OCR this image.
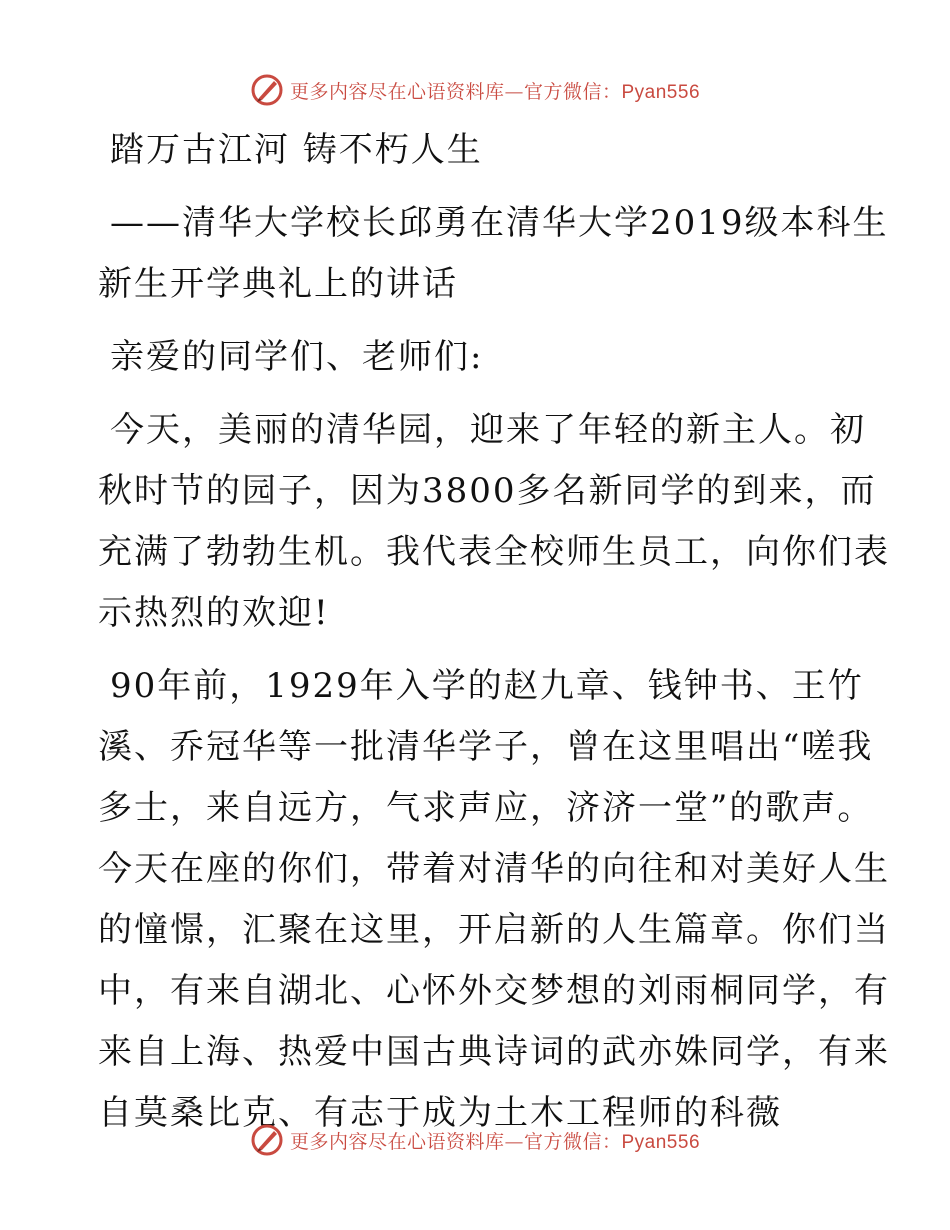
更多内容尽在心语资料库—官方微信：Pyan556

踏万古江河 铸不朽人生

——清华大学校长邱勇在清华大学2019级本科生

新生开学典礼上的讲话

亲爱的同学们、老师们:

今天，美丽的清华园，迎来了年轻的新主人。初

秋时节的园子，因为3800多名新同学的到来，而

充满了勃勃生机。我代表全校师生员工，向你们表

示热烈的欢迎!

90年前，1929年入学的赵九章、钱钟书、王竹

溪、乔冠华等一批清华学子，曾在这里唱出“嗟我

多士，来自远方，气求声应，济济一堂”的歌声。

今天在座的你们，带着对清华的向往和对美好人生

的憧憬，汇聚在这里，开启新的人生篇章。你们当

中，有来自湖北、心怀外交梦想的刘雨桐同学，有

来自上海、热爱中国古典诗词的武亦姝同学，有来

自莫桑比克、有志于成为土木工程师的科薇

更多内容尽在心语资料库—官方微信：Pyan556
